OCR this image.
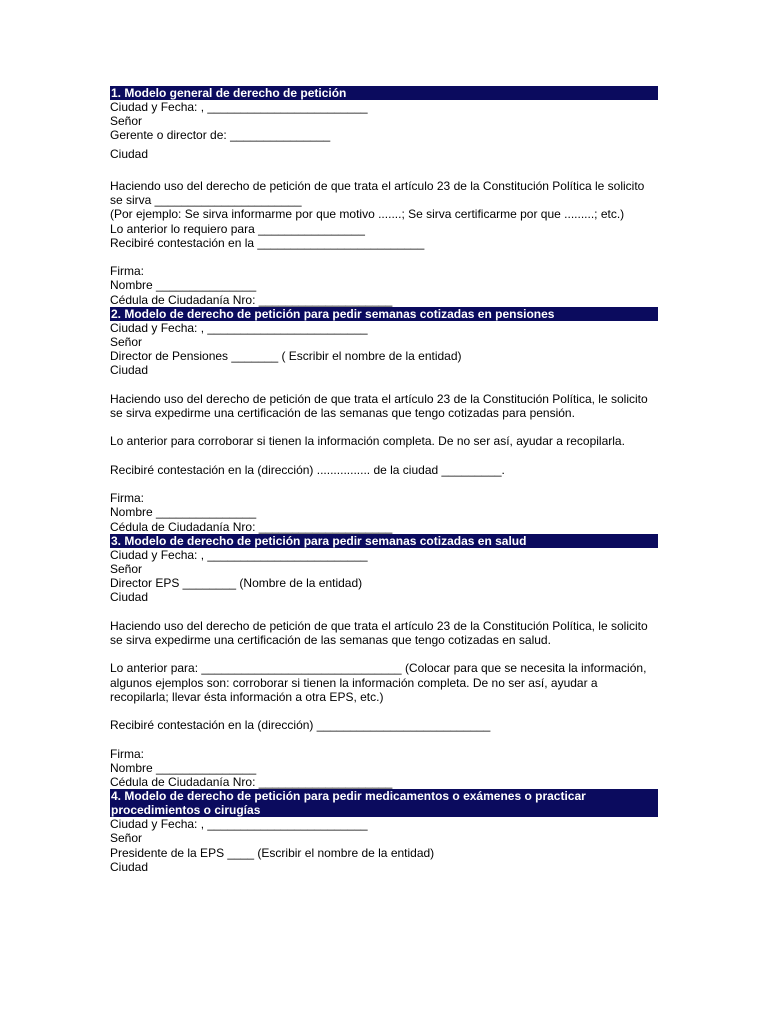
1. Modelo general de derecho de petición
Ciudad y Fecha: , ________________________
Señor
Gerente o director de: _______________
Ciudad
Haciendo uso del derecho de petición de que trata el artículo 23 de la Constitución Política le solicito se sirva ______________________
(Por ejemplo: Se sirva informarme por que motivo .......; Se sirva certificarme por que .........; etc.)
Lo anterior lo requiero para ________________
Recibiré contestación en la _________________________
Firma:
Nombre _______________
Cédula de Ciudadanía Nro: ____________________
2. Modelo de derecho de petición para pedir semanas cotizadas en pensiones
Ciudad y Fecha: , ________________________
Señor
Director de Pensiones _______ ( Escribir el nombre de la entidad)
Ciudad
Haciendo uso del derecho de petición de que trata el artículo 23 de la Constitución Política, le solicito se sirva expedirme una certificación de las semanas que tengo cotizadas para pensión.
Lo anterior para corroborar si tienen la información completa. De no ser así, ayudar a recopilarla.
Recibiré contestación en la (dirección) ................ de la ciudad _________.
Firma:
Nombre _______________
Cédula de Ciudadanía Nro: ____________________
3. Modelo de derecho de petición para pedir semanas cotizadas en salud
Ciudad y Fecha: , ________________________
Señor
Director EPS ________ (Nombre de la entidad)
Ciudad
Haciendo uso del derecho de petición de que trata el artículo 23 de la Constitución Política, le solicito se sirva expedirme una certificación de las semanas que tengo cotizadas en salud.
Lo anterior para: ______________________________ (Colocar para que se necesita la información, algunos ejemplos son: corroborar si tienen la información completa. De no ser así, ayudar a recopilarla; llevar ésta información a otra EPS, etc.)
Recibiré contestación en la (dirección) __________________________
Firma:
Nombre _______________
Cédula de Ciudadanía Nro: ____________________
4. Modelo de derecho de petición para pedir medicamentos o exámenes o practicar procedimientos o cirugías
Ciudad y Fecha: , ________________________
Señor
Presidente de la EPS ____ (Escribir el nombre de la entidad)
Ciudad
